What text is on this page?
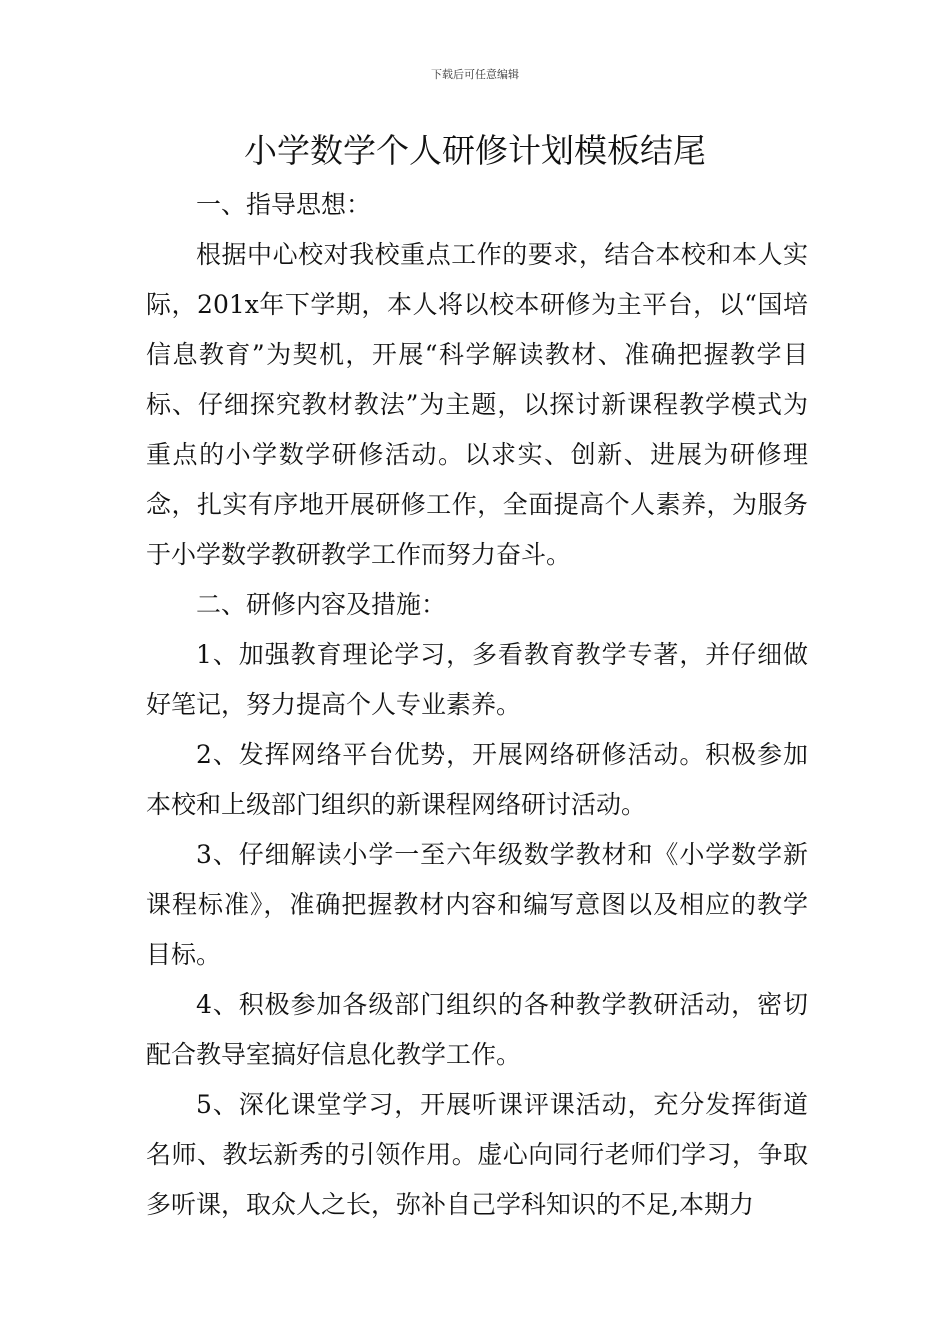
下载后可任意编辑
小学数学个人研修计划模板结尾

一、指导思想：

根据中心校对我校重点工作的要求，结合本校和本人实际，201x年下学期，本人将以校本研修为主平台，以“国培信息教育”为契机，开展“科学解读教材、准确把握教学目标、仔细探究教材教法”为主题，以探讨新课程教学模式为重点的小学数学研修活动。以求实、创新、进展为研修理念，扎实有序地开展研修工作，全面提高个人素养，为服务于小学数学教研教学工作而努力奋斗。

二、研修内容及措施：

1、加强教育理论学习，多看教育教学专著，并仔细做好笔记，努力提高个人专业素养。

2、发挥网络平台优势，开展网络研修活动。积极参加本校和上级部门组织的新课程网络研讨活动。

3、仔细解读小学一至六年级数学教材和《小学数学新课程标准》，准确把握教材内容和编写意图以及相应的教学目标。

4、积极参加各级部门组织的各种教学教研活动，密切配合教导室搞好信息化教学工作。

5、深化课堂学习，开展听课评课活动，充分发挥街道名师、教坛新秀的引领作用。虚心向同行老师们学习，争取多听课，取众人之长，弥补自己学科知识的不足,本期力
